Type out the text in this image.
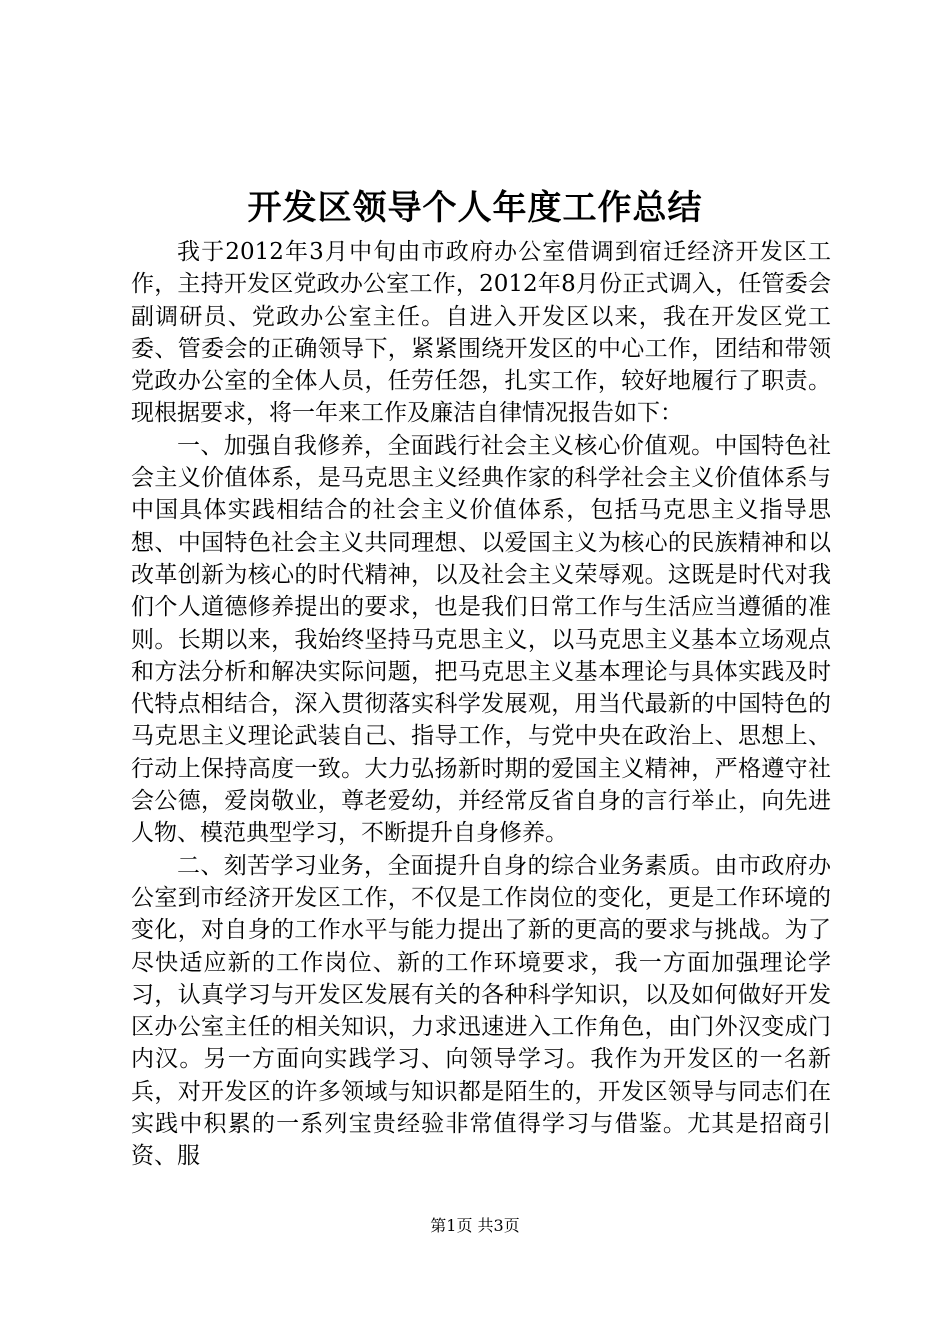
开发区领导个人年度工作总结

我于2012年3月中旬由市政府办公室借调到宿迁经济开发区工作，主持开发区党政办公室工作，2012年8月份正式调入，任管委会副调研员、党政办公室主任。自进入开发区以来，我在开发区党工委、管委会的正确领导下，紧紧围绕开发区的中心工作，团结和带领党政办公室的全体人员，任劳任怨，扎实工作，较好地履行了职责。现根据要求，将一年来工作及廉洁自律情况报告如下：

一、加强自我修养，全面践行社会主义核心价值观。中国特色社会主义价值体系，是马克思主义经典作家的科学社会主义价值体系与中国具体实践相结合的社会主义价值体系，包括马克思主义指导思想、中国特色社会主义共同理想、以爱国主义为核心的民族精神和以改革创新为核心的时代精神，以及社会主义荣辱观。这既是时代对我们个人道德修养提出的要求，也是我们日常工作与生活应当遵循的准则。长期以来，我始终坚持马克思主义，以马克思主义基本立场观点和方法分析和解决实际问题，把马克思主义基本理论与具体实践及时代特点相结合，深入贯彻落实科学发展观，用当代最新的中国特色的马克思主义理论武装自己、指导工作，与党中央在政治上、思想上、行动上保持高度一致。大力弘扬新时期的爱国主义精神，严格遵守社会公德，爱岗敬业，尊老爱幼，并经常反省自身的言行举止，向先进人物、模范典型学习，不断提升自身修养。

二、刻苦学习业务，全面提升自身的综合业务素质。由市政府办公室到市经济开发区工作，不仅是工作岗位的变化，更是工作环境的变化，对自身的工作水平与能力提出了新的更高的要求与挑战。为了尽快适应新的工作岗位、新的工作环境要求，我一方面加强理论学习，认真学习与开发区发展有关的各种科学知识，以及如何做好开发区办公室主任的相关知识，力求迅速进入工作角色，由门外汉变成门内汉。另一方面向实践学习、向领导学习。我作为开发区的一名新兵，对开发区的许多领域与知识都是陌生的，开发区领导与同志们在实践中积累的一系列宝贵经验非常值得学习与借鉴。尤其是招商引资、服

第1页 共3页
